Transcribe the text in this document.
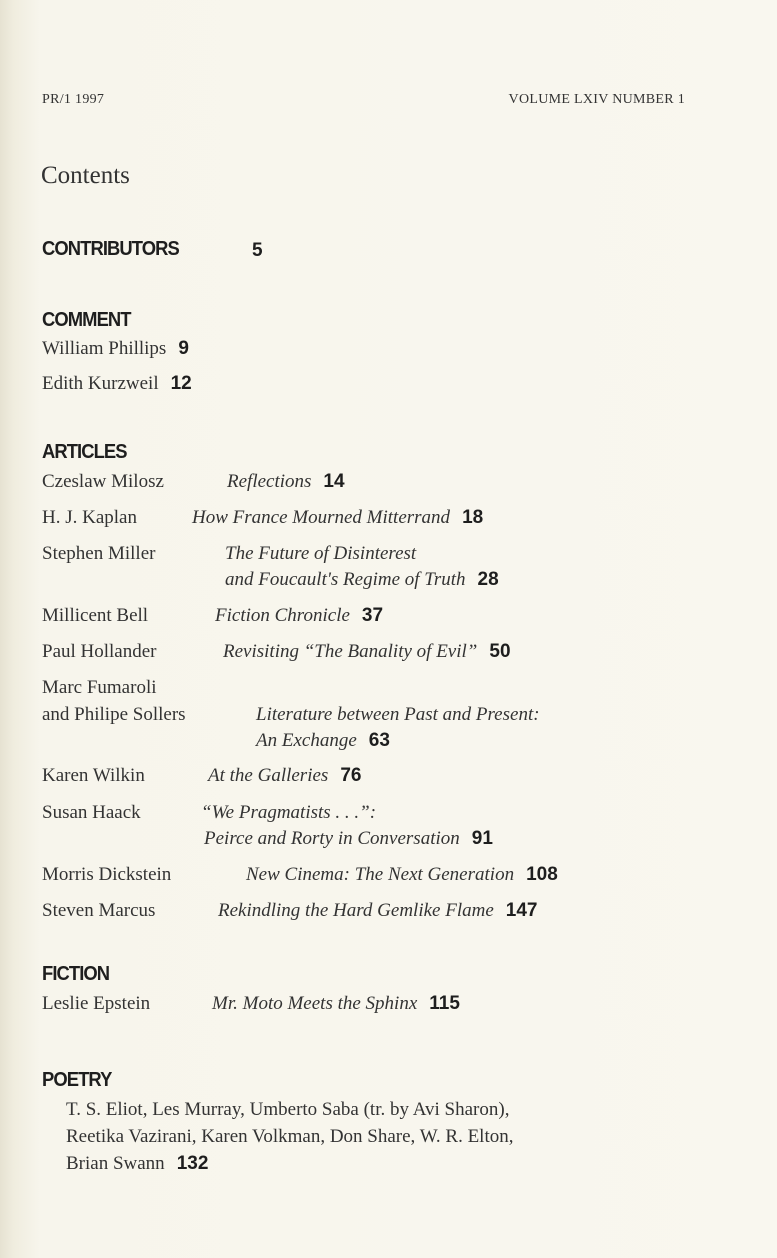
PR/1 1997	VOLUME LXIV NUMBER 1
Contents
CONTRIBUTORS	5
COMMENT
William Phillips 9
Edith Kurzweil 12
ARTICLES
Czeslaw Milosz	Reflections 14
H. J. Kaplan	How France Mourned Mitterrand 18
Stephen Miller	The Future of Disinterest
and Foucault's Regime of Truth 28
Millicent Bell	Fiction Chronicle 37
Paul Hollander	Revisiting “The Banality of Evil” 50
Marc Fumaroli
and Philipe Sollers	Literature between Past and Present:
An Exchange 63
Karen Wilkin	At the Galleries 76
Susan Haack	“We Pragmatists . . .”:
Peirce and Rorty in Conversation 91
Morris Dickstein	New Cinema: The Next Generation 108
Steven Marcus	Rekindling the Hard Gemlike Flame 147
FICTION
Leslie Epstein	Mr. Moto Meets the Sphinx 115
POETRY
T. S. Eliot, Les Murray, Umberto Saba (tr. by Avi Sharon),
Reetika Vazirani, Karen Volkman, Don Share, W. R. Elton,
Brian Swann 132
